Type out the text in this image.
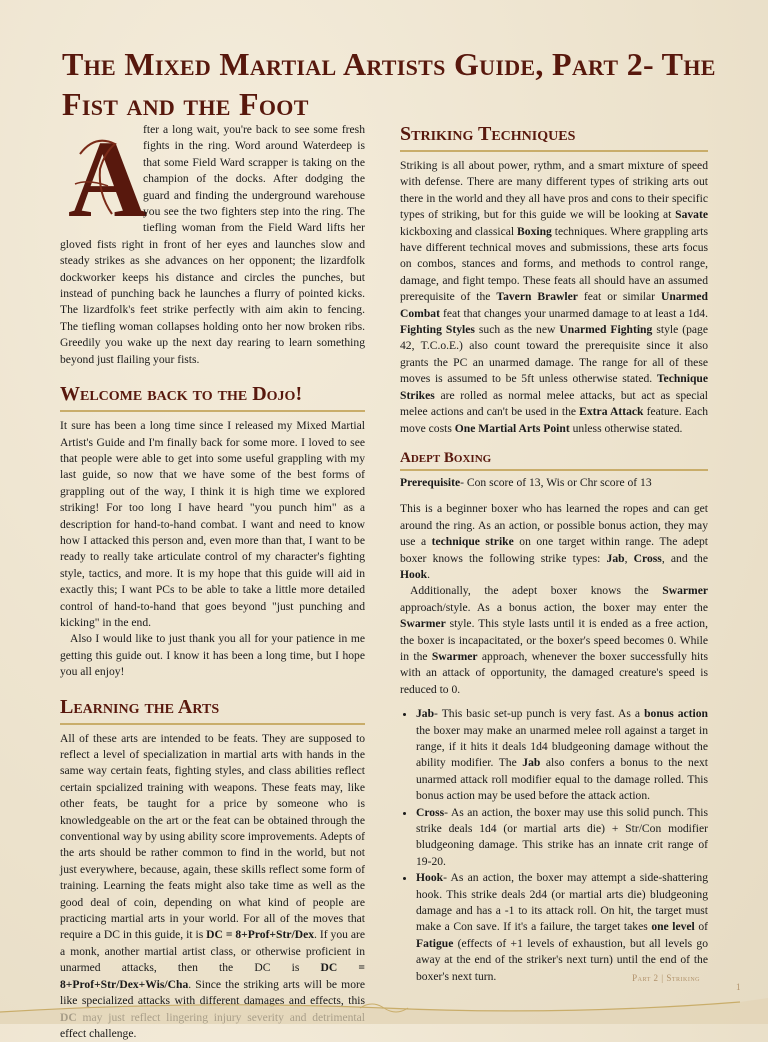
The Mixed Martial Artists Guide, Part 2- The Fist and the Foot
A

fter a long wait, you're back to see some fresh fights in the ring. Word around Waterdeep is that some Field Ward scrapper is taking on the champion of the docks. After dodging the guard and finding the underground warehouse you see the two fighters step into the ring. The tiefling woman from the Field Ward lifts her gloved fists right in front of her eyes and launches slow and steady strikes as she advances on her opponent; the lizardfolk dockworker keeps his distance and circles the punches, but instead of punching back he launches a flurry of pointed kicks. The lizardfolk's feet strike perfectly with aim akin to fencing. The tiefling woman collapses holding onto her now broken ribs. Greedily you wake up the next day rearing to learn something beyond just flailing your fists.

Welcome back to the Dojo!

It sure has been a long time since I released my Mixed Martial Artist's Guide and I'm finally back for some more. I loved to see that people were able to get into some useful grappling with my last guide, so now that we have some of the best forms of grappling out of the way, I think it is high time we explored striking! For too long I have heard "you punch him" as a description for hand-to-hand combat. I want and need to know how I attacked this person and, even more than that, I want to be ready to really take articulate control of my character's fighting style, tactics, and more. It is my hope that this guide will aid in exactly this; I want PCs to be able to take a little more detailed control of hand-to-hand that goes beyond "just punching and kicking" in the end.

Also I would like to just thank you all for your patience in me getting this guide out. I know it has been a long time, but I hope you all enjoy!

Learning the Arts

All of these arts are intended to be feats. They are supposed to reflect a level of specialization in martial arts with hands in the same way certain feats, fighting styles, and class abilities reflect certain spcialized training with weapons. These feats may, like other feats, be taught for a price by someone who is knowledgeable on the art or the feat can be obtained through the conventional way by using ability score improvements. Adepts of the arts should be rather common to find in the world, but not just everywhere, because, again, these skills reflect some form of training. Learning the feats might also take time as well as the good deal of coin, depending on what kind of people are practicing martial arts in your world. For all of the moves that require a DC in this guide, it is DC = 8+Prof+Str/Dex. If you are a monk, another martial artist class, or otherwise proficient in unarmed attacks, then the DC is DC = 8+Prof+Str/Dex+Wis/Cha. Since the striking arts will be more like specialized attacks with different damages and effects, this effect challenge.

Striking Techniques

Striking is all about power, rythm, and a smart mixture of speed with defense. There are many different types of striking arts out there in the world and they all have pros and cons to their specific types of striking, but for this guide we will be looking at Savate kickboxing and classical Boxing techniques. Where grappling arts have different technical moves and submissions, these arts focus on combos, stances and forms, and methods to control range, damage, and fight tempo. These feats all should have an assumed prerequisite of the Tavern Brawler feat or similar Unarmed Combat feat that changes your unarmed damage to at least a 1d4. Fighting Styles such as the new Unarmed Fighting style (page 42, T.C.o.E.) also count toward the prerequisite since it also grants the PC an unarmed damage. The range for all of these moves is assumed to be 5ft unless otherwise stated. Technique Strikes are rolled as normal melee attacks, but act as special melee actions and can't be used in the Extra Attack feature. Each move costs One Martial Arts Point unless otherwise stated.

Adept Boxing

Prerequisite- Con score of 13, Wis or Chr score of 13

This is a beginner boxer who has learned the ropes and can get around the ring. As an action, or possible bonus action, they may use a technique strike on one target within range. The adept boxer knows the following strike types: Jab, Cross, and the Hook.

Additionally, the adept boxer knows the Swarmer approach/style. As a bonus action, the boxer may enter the Swarmer style. This style lasts until it is ended as a free action, the boxer is incapacitated, or the boxer's speed becomes 0. While in the Swarmer approach, whenever the boxer successfully hits with an attack of opportunity, the damaged creature's speed is reduced to 0.

• Jab- This basic set-up punch is very fast. As a bonus action the boxer may make an unarmed melee roll against a target in range, if it hits it deals 1d4 bludgeoning damage without the ability modifier. The Jab also confers a bonus to the next unarmed attack roll modifier equal to the damage rolled. This bonus action may be used before the attack action.
• Cross- As an action, the boxer may use this solid punch. This strike deals 1d4 (or martial arts die) + Str/Con modifier bludgeoning damage. This strike has an innate crit range of 19-20.
• Hook- As an action, the boxer may attempt a side-shattering hook. This strike deals 2d4 (or martial arts die) bludgeoning damage and has a -1 to its attack roll. On hit, the target must make a Con save. If it's a failure, the target takes one level of Fatigue (effects of +1 levels of exhaustion, but all levels go away at the end of the striker's next turn) until the end of the boxer's next turn.	Part 2 | Striking
1
